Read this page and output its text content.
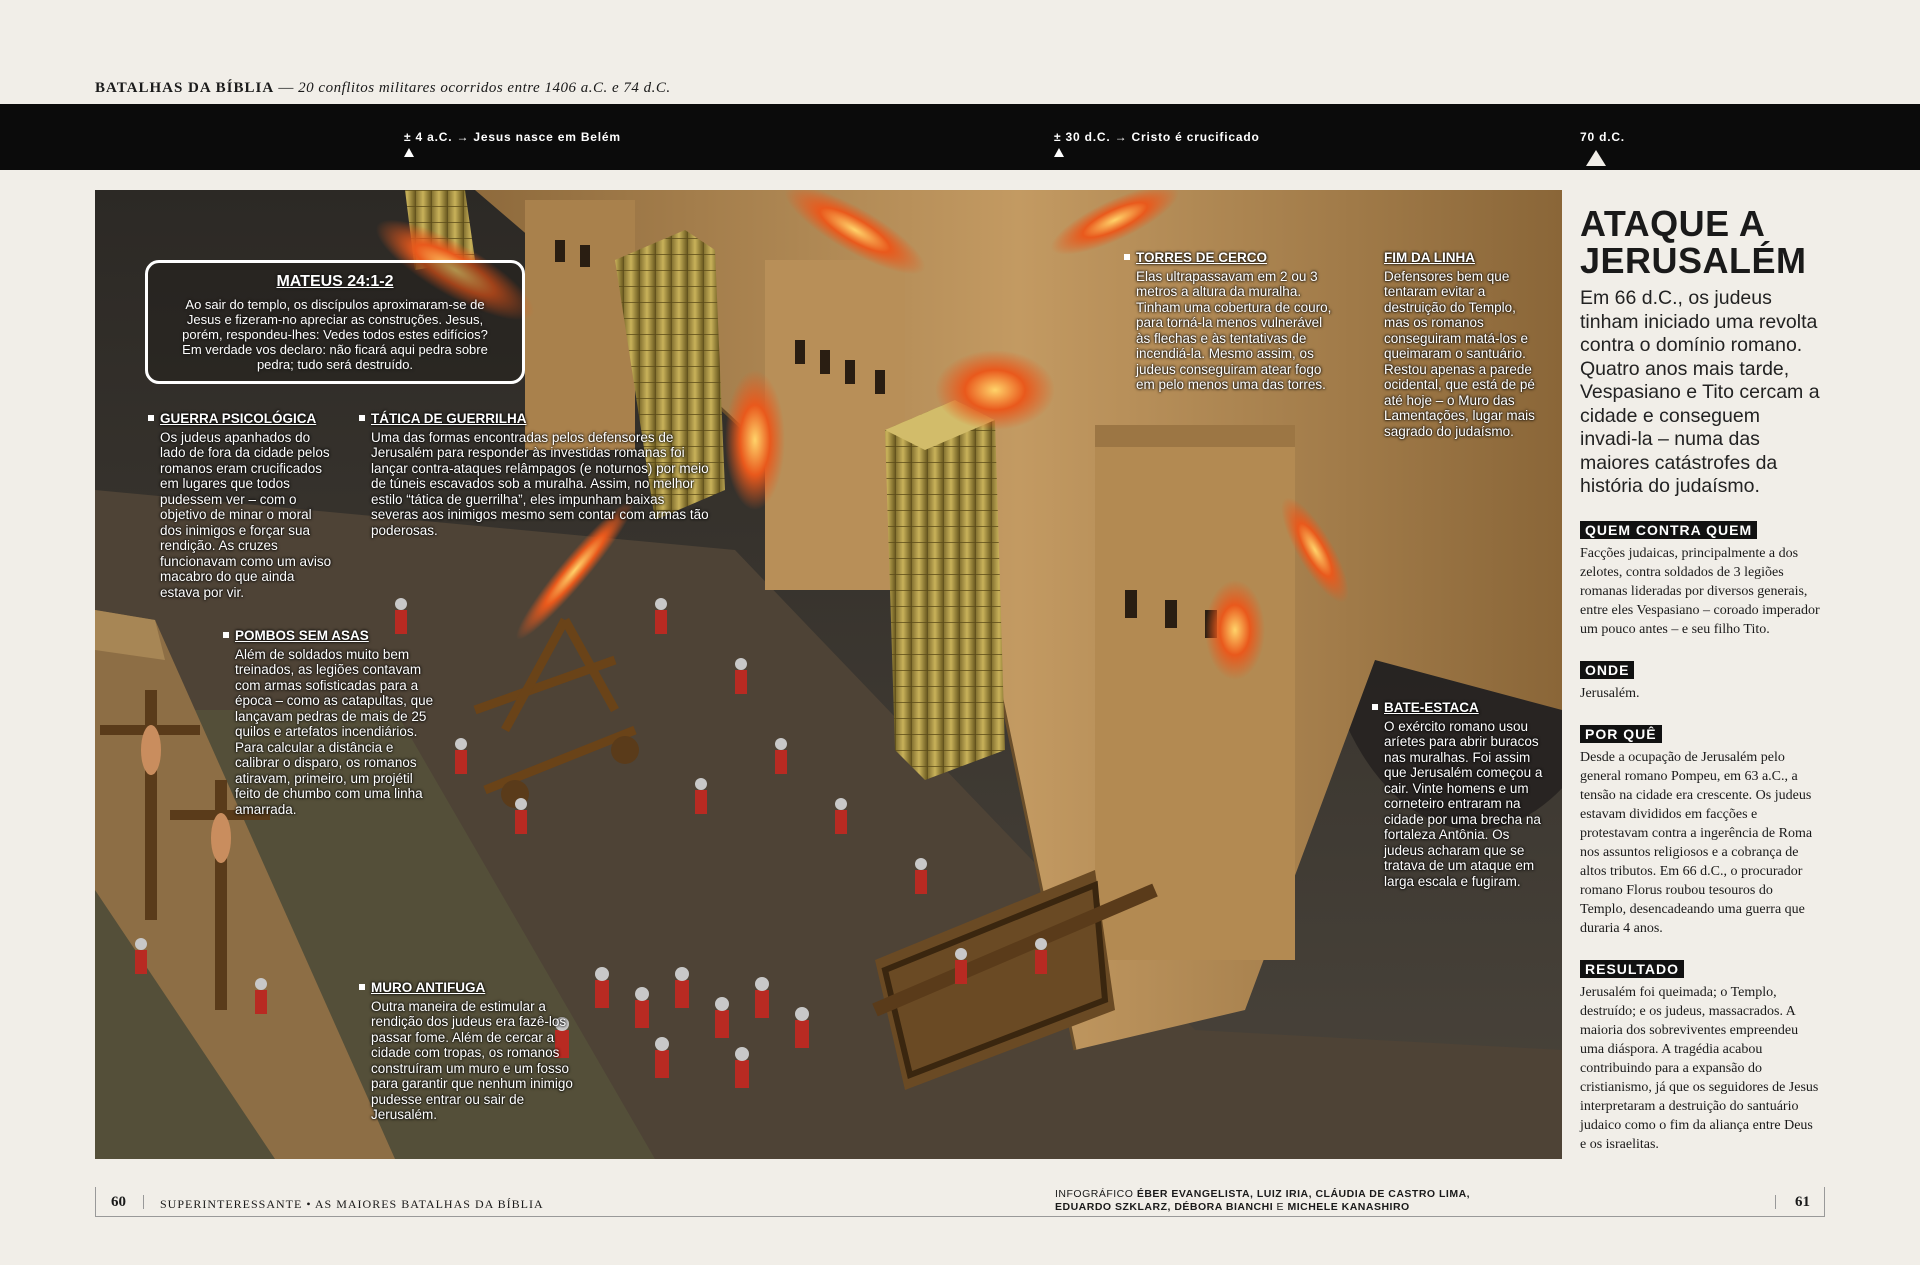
BATALHAS DA BÍBLIA — 20 conflitos militares ocorridos entre 1406 a.C. e 74 d.C.
± 4 a.C. → Jesus nasce em Belém	± 30 d.C. → Cristo é crucificado	70 d.C.
MATEUS 24:1-2

Ao sair do templo, os discípulos aproximaram-se de Jesus e fizeram-no apreciar as construções. Jesus, porém, respondeu-lhes: Vedes todos estes edifícios? Em verdade vos declaro: não ficará aqui pedra sobre pedra; tudo será destruído.

GUERRA PSICOLÓGICA

Os judeus apanhados do lado de fora da cidade pelos romanos eram crucificados em lugares que todos pudessem ver – com o objetivo de minar o moral dos inimigos e forçar sua rendição. As cruzes funcionavam como um aviso macabro do que ainda estava por vir.

TÁTICA DE GUERRILHA

Uma das formas encontradas pelos defensores de Jerusalém para responder às investidas romanas foi lançar contra-ataques relâmpagos (e noturnos) por meio de túneis escavados sob a muralha. Assim, no melhor estilo “tática de guerrilha”, eles impunham baixas severas aos inimigos mesmo sem contar com armas tão poderosas.

POMBOS SEM ASAS

Além de soldados muito bem treinados, as legiões contavam com armas sofisticadas para a época – como as catapultas, que lançavam pedras de mais de 25 quilos e artefatos incendiários. Para calcular a distância e calibrar o disparo, os romanos atiravam, primeiro, um projétil feito de chumbo com uma linha amarrada.

MURO ANTIFUGA

Outra maneira de estimular a rendição dos judeus era fazê-los passar fome. Além de cercar a cidade com tropas, os romanos construíram um muro e um fosso para garantir que nenhum inimigo pudesse entrar ou sair de Jerusalém.

TORRES DE CERCO

Elas ultrapassavam em 2 ou 3 metros a altura da muralha. Tinham uma cobertura de couro, para torná-la menos vulnerável às flechas e às tentativas de incendiá-la. Mesmo assim, os judeus conseguiram atear fogo em pelo menos uma das torres.

FIM DA LINHA

Defensores bem que tentaram evitar a destruição do Templo, mas os romanos conseguiram matá-los e queimaram o santuário. Restou apenas a parede ocidental, que está de pé até hoje – o Muro das Lamentações, lugar mais sagrado do judaísmo.

BATE-ESTACA

O exército romano usou aríetes para abrir buracos nas muralhas. Foi assim que Jerusalém começou a cair. Vinte homens e um corneteiro entraram na cidade por uma brecha na fortaleza Antônia. Os judeus acharam que se tratava de um ataque em larga escala e fugiram.

ATAQUE A JERUSALÉM

Em 66 d.C., os judeus tinham iniciado uma revolta contra o domínio romano. Quatro anos mais tarde, Vespasiano e Tito cercam a cidade e conseguem invadi-la – numa das maiores catástrofes da história do judaísmo.

QUEM CONTRA QUEM

Facções judaicas, principalmente a dos zelotes, contra soldados de 3 legiões romanas lideradas por diversos generais, entre eles Vespasiano – coroado imperador um pouco antes – e seu filho Tito.

ONDE

Jerusalém.

POR QUÊ

Desde a ocupação de Jerusalém pelo general romano Pompeu, em 63 a.C., a tensão na cidade era crescente. Os judeus estavam divididos em facções e protestavam contra a ingerência de Roma nos assuntos religiosos e a cobrança de altos tributos. Em 66 d.C., o procurador romano Florus roubou tesouros do Templo, desencadeando uma guerra que duraria 4 anos.

RESULTADO

Jerusalém foi queimada; o Templo, destruído; e os judeus, massacrados. A maioria dos sobreviventes empreendeu uma diáspora. A tragédia acabou contribuindo para a expansão do cristianismo, já que os seguidores de Jesus interpretaram a destruição do santuário judaico como o fim da aliança entre Deus e os israelitas.

60	SUPERINTERESSANTE • AS MAIORES BATALHAS DA BÍBLIA
INFOGRÁFICO ÉBER EVANGELISTA, LUIZ IRIA, CLÁUDIA DE CASTRO LIMA,
EDUARDO SZKLARZ, DÉBORA BIANCHI E MICHELE KANASHIRO	61
